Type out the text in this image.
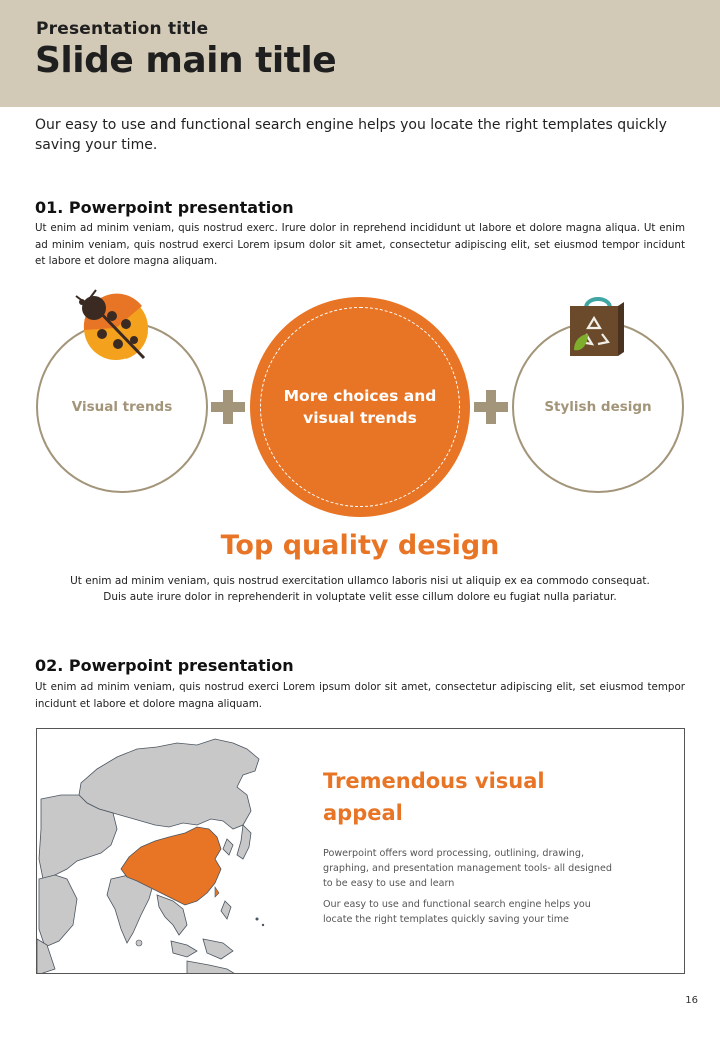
Presentation title
Slide main title
Our easy to use and functional search engine helps you locate the right templates quickly saving your time.
01. Powerpoint presentation
Ut enim ad minim veniam, quis nostrud exerc. Irure dolor in reprehend incididunt ut labore et dolore magna aliqua. Ut enim ad minim veniam, quis nostrud exerci Lorem ipsum dolor sit amet, consectetur adipiscing elit, set eiusmod tempor incidunt et labore et dolore magna aliquam.
Visual trends	Stylish design
More choices and visual trends
Top quality design
Ut enim ad minim veniam, quis nostrud exercitation ullamco laboris nisi ut aliquip ex ea commodo consequat. Duis aute irure dolor in reprehenderit in voluptate velit esse cillum dolore eu fugiat nulla pariatur.
02. Powerpoint presentation
Ut enim ad minim veniam, quis nostrud exerci Lorem ipsum dolor sit amet, consectetur adipiscing elit, set eiusmod tempor incidunt et labore et dolore magna aliquam.
Tremendous visual appeal
Powerpoint offers word processing, outlining, drawing, graphing, and presentation management tools- all designed to be easy to use and learn
Our easy to use and functional search engine helps you locate the right templates quickly saving your time
16
